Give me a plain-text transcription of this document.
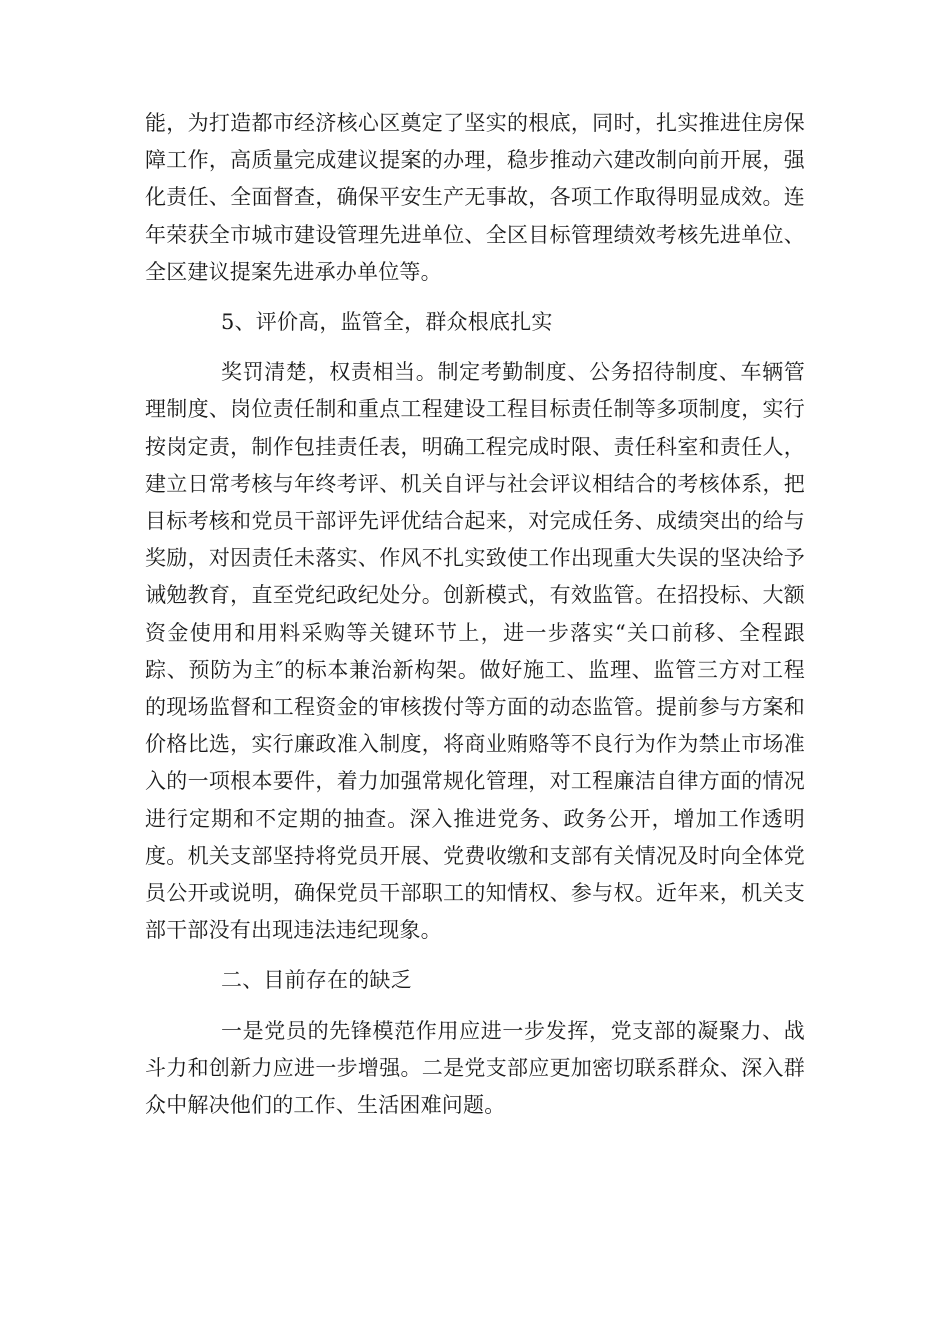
能，为打造都市经济核心区奠定了坚实的根底，同时，扎实推进住房保障工作，高质量完成建议提案的办理，稳步推动六建改制向前开展，强化责任、全面督查，确保平安生产无事故，各项工作取得明显成效。连年荣获全市城市建设管理先进单位、全区目标管理绩效考核先进单位、全区建议提案先进承办单位等。

5、评价高，监管全，群众根底扎实

奖罚清楚，权责相当。制定考勤制度、公务招待制度、车辆管理制度、岗位责任制和重点工程建设工程目标责任制等多项制度，实行按岗定责，制作包挂责任表，明确工程完成时限、责任科室和责任人，建立日常考核与年终考评、机关自评与社会评议相结合的考核体系，把目标考核和党员干部评先评优结合起来，对完成任务、成绩突出的给与奖励，对因责任未落实、作风不扎实致使工作出现重大失误的坚决给予诫勉教育，直至党纪政纪处分。创新模式，有效监管。在招投标、大额资金使用和用料采购等关键环节上，进一步落实“关口前移、全程跟踪、预防为主″的标本兼治新构架。做好施工、监理、监管三方对工程的现场监督和工程资金的审核拨付等方面的动态监管。提前参与方案和价格比选，实行廉政准入制度，将商业贿赂等不良行为作为禁止市场准入的一项根本要件，着力加强常规化管理，对工程廉洁自律方面的情况进行定期和不定期的抽查。深入推进党务、政务公开，增加工作透明度。机关支部坚持将党员开展、党费收缴和支部有关情况及时向全体党员公开或说明，确保党员干部职工的知情权、参与权。近年来，机关支部干部没有出现违法违纪现象。

二、目前存在的缺乏

一是党员的先锋模范作用应进一步发挥，党支部的凝聚力、战斗力和创新力应进一步增强。二是党支部应更加密切联系群众、深入群众中解决他们的工作、生活困难问题。
